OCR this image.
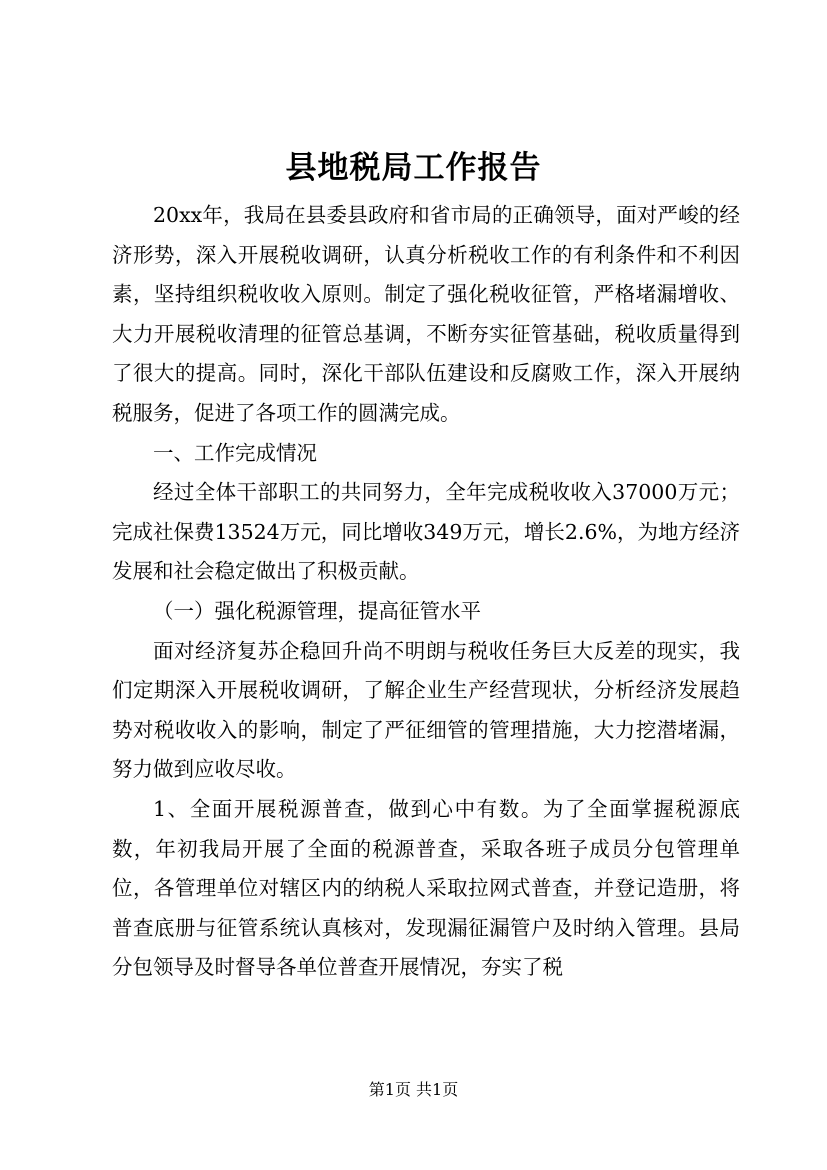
县地税局工作报告

20xx年，我局在县委县政府和省市局的正确领导，面对严峻的经济形势，深入开展税收调研，认真分析税收工作的有利条件和不利因素，坚持组织税收收入原则。制定了强化税收征管，严格堵漏增收、大力开展税收清理的征管总基调，不断夯实征管基础，税收质量得到了很大的提高。同时，深化干部队伍建设和反腐败工作，深入开展纳税服务，促进了各项工作的圆满完成。

一、工作完成情况

经过全体干部职工的共同努力，全年完成税收收入37000万元；完成社保费13524万元，同比增收349万元，增长2.6%，为地方经济发展和社会稳定做出了积极贡献。

（一）强化税源管理，提高征管水平

面对经济复苏企稳回升尚不明朗与税收任务巨大反差的现实，我们定期深入开展税收调研，了解企业生产经营现状，分析经济发展趋势对税收收入的影响，制定了严征细管的管理措施，大力挖潜堵漏，努力做到应收尽收。

1、全面开展税源普查，做到心中有数。为了全面掌握税源底数，年初我局开展了全面的税源普查，采取各班子成员分包管理单位，各管理单位对辖区内的纳税人采取拉网式普查，并登记造册，将普查底册与征管系统认真核对，发现漏征漏管户及时纳入管理。县局分包领导及时督导各单位普查开展情况，夯实了税

第1页 共1页
